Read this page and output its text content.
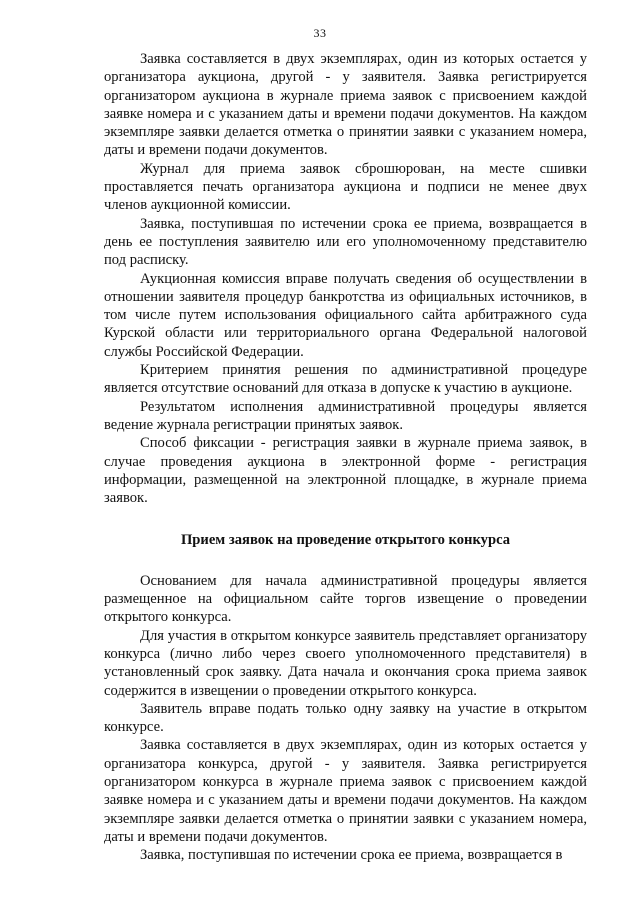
33

Заявка составляется в двух экземплярах, один из которых остается у организатора аукциона, другой - у заявителя. Заявка регистрируется организатором аукциона в журнале приема заявок с присвоением каждой заявке номера и с указанием даты и времени подачи документов. На каждом экземпляре заявки делается отметка о принятии заявки с указанием номера, даты и времени подачи документов.

Журнал для приема заявок сброшюрован, на месте сшивки проставляется печать организатора аукциона и подписи не менее двух членов аукционной комиссии.

Заявка, поступившая по истечении срока ее приема, возвращается в день ее поступления заявителю или его уполномоченному представителю под расписку.

Аукционная комиссия вправе получать сведения об осуществлении в отношении заявителя процедур банкротства из официальных источников, в том числе путем использования официального сайта арбитражного суда Курской области или территориального органа Федеральной налоговой службы Российской Федерации.

Критерием принятия решения по административной процедуре является отсутствие оснований для отказа в допуске к участию в аукционе.

Результатом исполнения административной процедуры является ведение журнала регистрации принятых заявок.

Способ фиксации - регистрация заявки в журнале приема заявок, в случае проведения аукциона в электронной форме - регистрация информации, размещенной на электронной площадке, в журнале приема заявок.

Прием заявок на проведение открытого конкурса

Основанием для начала административной процедуры является размещенное на официальном сайте торгов извещение о проведении открытого конкурса.

Для участия в открытом конкурсе заявитель представляет организатору конкурса (лично либо через своего уполномоченного представителя) в установленный срок заявку. Дата начала и окончания срока приема заявок содержится в извещении о проведении открытого конкурса.

Заявитель вправе подать только одну заявку на участие в открытом конкурсе.

Заявка составляется в двух экземплярах, один из которых остается у организатора конкурса, другой - у заявителя. Заявка регистрируется организатором конкурса в журнале приема заявок с присвоением каждой заявке номера и с указанием даты и времени подачи документов. На каждом экземпляре заявки делается отметка о принятии заявки с указанием номера, даты и времени подачи документов.

Заявка, поступившая по истечении срока ее приема, возвращается в
